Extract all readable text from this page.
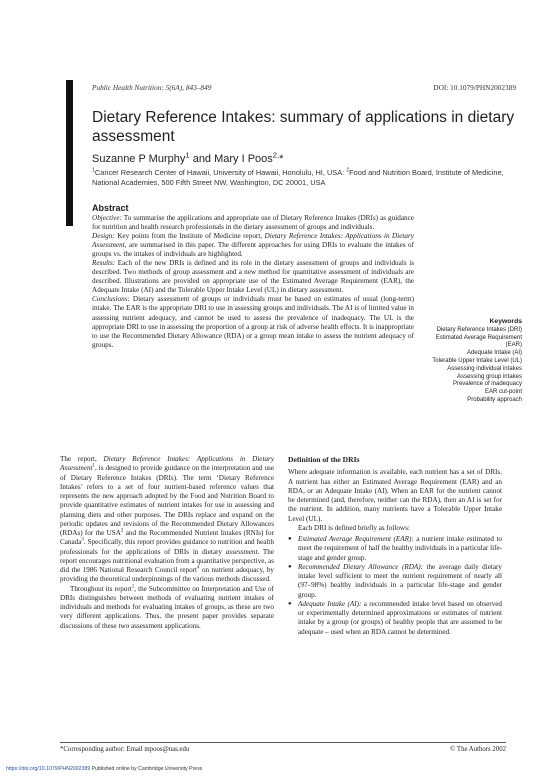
Public Health Nutrition: 5(6A), 843–849	DOI: 10.1079/PHN2002389
Dietary Reference Intakes: summary of applications in dietary assessment
Suzanne P Murphy$^1$ and Mary I Poos$^{2,}$*
$^1$Cancer Research Center of Hawaii, University of Hawaii, Honolulu, HI, USA: $^2$Food and Nutrition Board, Institute of Medicine, National Academies, 500 Fifth Street NW, Washington, DC 20001, USA
Abstract

Objective: To summarise the applications and appropriate use of Dietary Reference Intakes (DRIs) as guidance for nutrition and health research professionals in the dietary assessment of groups and individuals.

Design: Key points from the Institute of Medicine report, Dietary Reference Intakes: Applications in Dietary Assessment, are summarised in this paper. The different approaches for using DRIs to evaluate the intakes of groups vs. the intakes of individuals are highlighted.

Results: Each of the new DRIs is defined and its role in the dietary assessment of groups and individuals is described. Two methods of group assessment and a new method for quantitative assessment of individuals are described. Illustrations are provided on appropriate use of the Estimated Average Requirement (EAR), the Adequate Intake (AI) and the Tolerable Upper Intake Level (UL) in dietary assessment.

Conclusions: Dietary assessment of groups or individuals must be based on estimates of usual (long-term) intake. The EAR is the appropriate DRI to use in assessing groups and individuals. The AI is of limited value in assessing nutrient adequacy, and cannot be used to assess the prevalence of inadequacy. The UL is the appropriate DRI to use in assessing the proportion of a group at risk of adverse health effects. It is inappropriate to use the Recommended Dietary Allowance (RDA) or a group mean intake to assess the nutrient adequacy of groups.

Keywords
Dietary Reference Intakes (DRI)
Estimated Average Requirement
(EAR)
Adequate Intake (AI)
Tolerable Upper Intake Level (UL)
Assessing individual intakes
Assessing group intakes
Prevalence of inadequacy
EAR cut-point
Probability approach

The report, Dietary Reference Intakes: Applications in Dietary Assessment$^1$, is designed to provide guidance on the interpretation and use of Dietary Reference Intakes (DRIs). The term ‘Dietary Reference Intakes’ refers to a set of four nutrient-based reference values that represents the new approach adopted by the Food and Nutrition Board to provide quantitative estimates of nutrient intakes for use in assessing and planning diets and other purposes. The DRIs replace and expand on the periodic updates and revisions of the Recommended Dietary Allowances (RDAs) for the USA$^2$ and the Recommended Nutrient Intakes (RNIs) for Canada$^3$. Specifically, this report provides guidance to nutrition and health professionals for the applications of DRIs in dietary assessment. The report encourages nutritional evaluation from a quantitative perspective, as did the 1986 National Research Council report$^4$ on nutrient adequacy, by providing the theoretical underpinnings of the various methods discussed.

Throughout its report$^1$, the Subcommittee on Interpretation and Use of DRIs distinguishes between methods of evaluating nutrient intakes of individuals and methods for evaluating intakes of groups, as these are two very different applications. Thus, the present paper provides separate discussions of these two assessment applications.

Definition of the DRIs

Where adequate information is available, each nutrient has a set of DRIs. A nutrient has either an Estimated Average Requirement (EAR) and an RDA, or an Adequate Intake (AI). When an EAR for the nutrient cannot be determined (and, therefore, neither can the RDA), then an AI is set for the nutrient. In addition, many nutrients have a Tolerable Upper Intake Level (UL).

Each DRI is defined briefly as follows:

● Estimated Average Requirement (EAR): a nutrient intake estimated to meet the requirement of half the healthy individuals in a particular life-stage and gender group.
● Recommended Dietary Allowance (RDA): the average daily dietary intake level sufficient to meet the nutrient requirement of nearly all (97–98%) healthy individuals in a particular life-stage and gender group.
● Adequate Intake (AI): a recommended intake level based on observed or experimentally determined approximations or estimates of nutrient intake by a group (or groups) of healthy people that are assumed to be adequate – used when an RDA cannot be determined.
*Corresponding author: Email mpoos@nas.edu	© The Authors 2002
https://doi.org/10.1079/PHN2002389 Published online by Cambridge University Press
